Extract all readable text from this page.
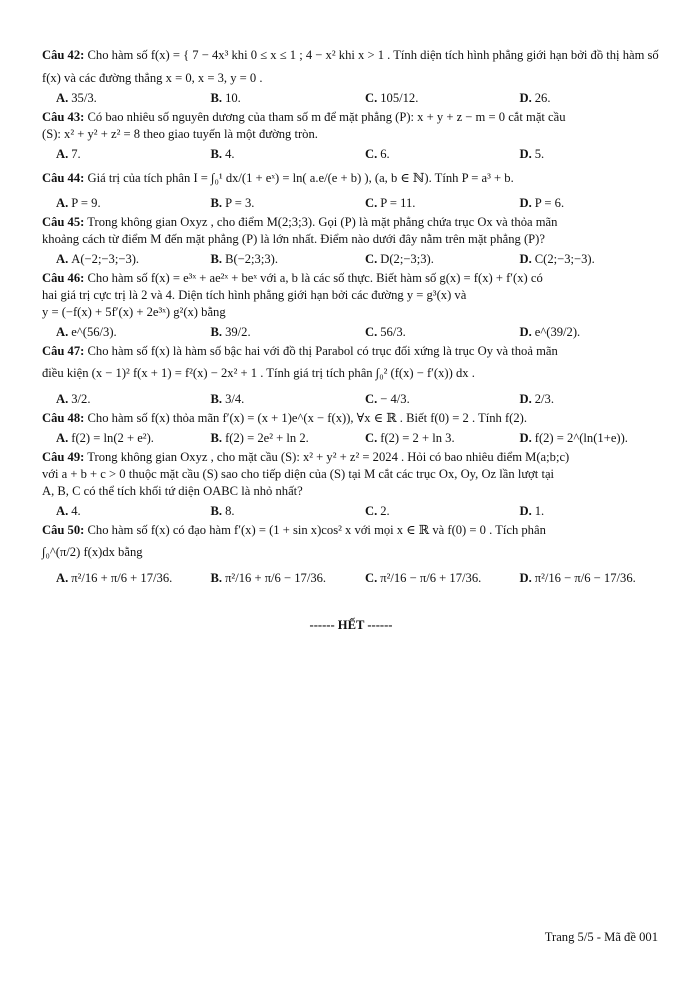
Câu 42: Cho hàm số f(x) = { 7 − 4x³ khi 0 ≤ x ≤ 1 ; 4 − x² khi x > 1 . Tính diện tích hình phẳng giới hạn bởi đồ thị hàm số
f(x) và các đường thẳng x = 0, x = 3, y = 0 .
A. 35/3.	B. 10.	C. 105/12.	D. 26.
Câu 43: Có bao nhiêu số nguyên dương của tham số m để mặt phẳng (P): x + y + z − m = 0 cắt mặt cầu
(S): x² + y² + z² = 8 theo giao tuyến là một đường tròn.
A. 7.	B. 4.	C. 6.	D. 5.
Câu 44: Giá trị của tích phân I = ∫₀¹ dx/(1 + eˣ) = ln( a.e/(e + b) ), (a, b ∈ ℕ). Tính P = a³ + b.
A. P = 9.	B. P = 3.	C. P = 11.	D. P = 6.
Câu 45: Trong không gian Oxyz , cho điểm M(2;3;3). Gọi (P) là mặt phẳng chứa trục Ox và thỏa mãn
khoảng cách từ điểm M đến mặt phẳng (P) là lớn nhất. Điểm nào dưới đây nằm trên mặt phẳng (P)?
A. A(−2;−3;−3).	B. B(−2;3;3).	C. D(2;−3;3).	D. C(2;−3;−3).
Câu 46: Cho hàm số f(x) = e³ˣ + ae²ˣ + beˣ với a, b là các số thực. Biết hàm số g(x) = f(x) + f′(x) có
hai giá trị cực trị là 2 và 4. Diện tích hình phẳng giới hạn bởi các đường y = g³(x) và
y = (−f(x) + 5f′(x) + 2e³ˣ) g²(x) bằng
A. e^(56/3).	B. 39/2.	C. 56/3.	D. e^(39/2).
Câu 47: Cho hàm số f(x) là hàm số bậc hai với đồ thị Parabol có trục đối xứng là trục Oy và thoả mãn
điều kiện (x − 1)² f(x + 1) = f²(x) − 2x² + 1 . Tính giá trị tích phân ∫₀² (f(x) − f′(x)) dx .
A. 3/2.	B. 3/4.	C. − 4/3.	D. 2/3.
Câu 48: Cho hàm số f(x) thỏa mãn f′(x) = (x + 1)e^(x − f(x)), ∀x ∈ ℝ . Biết f(0) = 2 . Tính f(2).
A. f(2) = ln(2 + e²).	B. f(2) = 2e² + ln 2.	C. f(2) = 2 + ln 3.	D. f(2) = 2^(ln(1+e)).
Câu 49: Trong không gian Oxyz , cho mặt cầu (S): x² + y² + z² = 2024 . Hỏi có bao nhiêu điểm M(a;b;c)
với a + b + c > 0 thuộc mặt cầu (S) sao cho tiếp diện của (S) tại M cắt các trục Ox, Oy, Oz lần lượt tại
A, B, C có thể tích khối tứ diện OABC là nhỏ nhất?
A. 4.	B. 8.	C. 2.	D. 1.
Câu 50: Cho hàm số f(x) có đạo hàm f′(x) = (1 + sin x)cos² x với mọi x ∈ ℝ và f(0) = 0 . Tích phân
∫₀^(π/2) f(x)dx bằng
A. π²/16 + π/6 + 17/36.	B. π²/16 + π/6 − 17/36.	C. π²/16 − π/6 + 17/36.	D. π²/16 − π/6 − 17/36.
------ HẾT ------
Trang 5/5 - Mã đề 001
